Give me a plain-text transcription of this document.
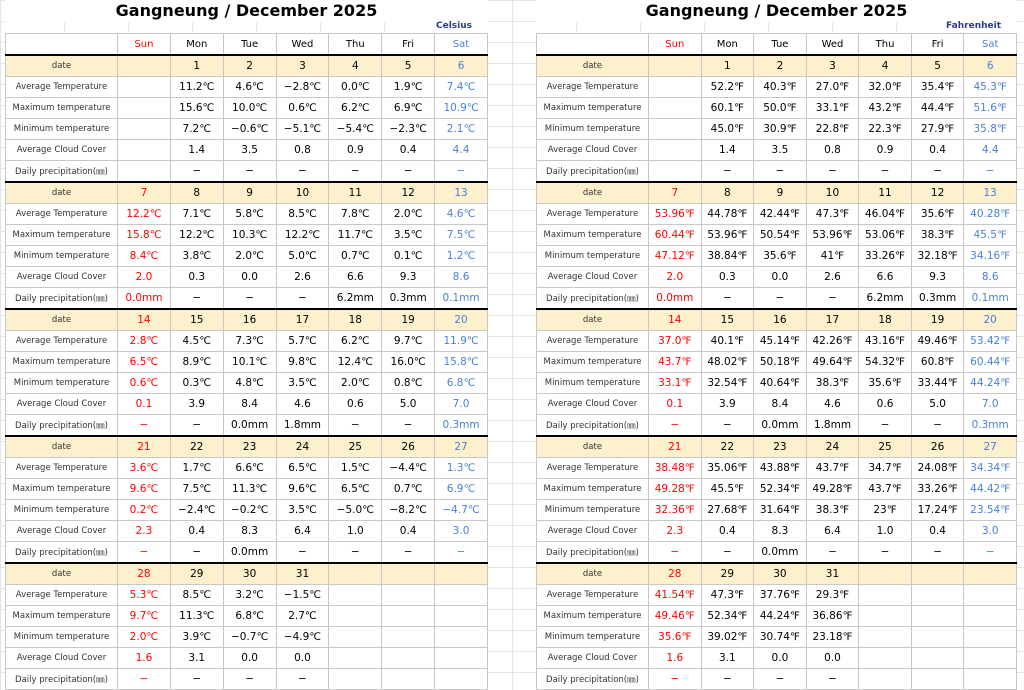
Gangneung / December 2025
Celsius
	Sun	Mon	Tue	Wed	Thu	Fri	Sat
date		1	2	3	4	5	6
Average Temperature		11.2℃	4.6℃	−2.8℃	0.0℃	1.9℃	7.4℃
Maximum temperature		15.6℃	10.0℃	0.6℃	6.2℃	6.9℃	10.9℃
Minimum temperature		7.2℃	−0.6℃	−5.1℃	−5.4℃	−2.3℃	2.1℃
Average Cloud Cover		1.4	3.5	0.8	0.9	0.4	4.4
Daily precipitation(㎜)		−	−	−	−	−	−
date	7	8	9	10	11	12	13
Average Temperature	12.2℃	7.1℃	5.8℃	8.5℃	7.8℃	2.0℃	4.6℃
Maximum temperature	15.8℃	12.2℃	10.3℃	12.2℃	11.7℃	3.5℃	7.5℃
Minimum temperature	8.4℃	3.8℃	2.0℃	5.0℃	0.7℃	0.1℃	1.2℃
Average Cloud Cover	2.0	0.3	0.0	2.6	6.6	9.3	8.6
Daily precipitation(㎜)	0.0mm	−	−	−	6.2mm	0.3mm	0.1mm
date	14	15	16	17	18	19	20
Average Temperature	2.8℃	4.5℃	7.3℃	5.7℃	6.2℃	9.7℃	11.9℃
Maximum temperature	6.5℃	8.9℃	10.1℃	9.8℃	12.4℃	16.0℃	15.8℃
Minimum temperature	0.6℃	0.3℃	4.8℃	3.5℃	2.0℃	0.8℃	6.8℃
Average Cloud Cover	0.1	3.9	8.4	4.6	0.6	5.0	7.0
Daily precipitation(㎜)	−	−	0.0mm	1.8mm	−	−	0.3mm
date	21	22	23	24	25	26	27
Average Temperature	3.6℃	1.7℃	6.6℃	6.5℃	1.5℃	−4.4℃	1.3℃
Maximum temperature	9.6℃	7.5℃	11.3℃	9.6℃	6.5℃	0.7℃	6.9℃
Minimum temperature	0.2℃	−2.4℃	−0.2℃	3.5℃	−5.0℃	−8.2℃	−4.7℃
Average Cloud Cover	2.3	0.4	8.3	6.4	1.0	0.4	3.0
Daily precipitation(㎜)	−	−	0.0mm	−	−	−	−
date	28	29	30	31			
Average Temperature	5.3℃	8.5℃	3.2℃	−1.5℃			
Maximum temperature	9.7℃	11.3℃	6.8℃	2.7℃			
Minimum temperature	2.0℃	3.9℃	−0.7℃	−4.9℃			
Average Cloud Cover	1.6	3.1	0.0	0.0			
Daily precipitation(㎜)	−	−	−	−			
Gangneung / December 2025
Fahrenheit
	Sun	Mon	Tue	Wed	Thu	Fri	Sat
date		1	2	3	4	5	6
Average Temperature		52.2℉	40.3℉	27.0℉	32.0℉	35.4℉	45.3℉
Maximum temperature		60.1℉	50.0℉	33.1℉	43.2℉	44.4℉	51.6℉
Minimum temperature		45.0℉	30.9℉	22.8℉	22.3℉	27.9℉	35.8℉
Average Cloud Cover		1.4	3.5	0.8	0.9	0.4	4.4
Daily precipitation(㎜)		−	−	−	−	−	−
date	7	8	9	10	11	12	13
Average Temperature	53.96℉	44.78℉	42.44℉	47.3℉	46.04℉	35.6℉	40.28℉
Maximum temperature	60.44℉	53.96℉	50.54℉	53.96℉	53.06℉	38.3℉	45.5℉
Minimum temperature	47.12℉	38.84℉	35.6℉	41℉	33.26℉	32.18℉	34.16℉
Average Cloud Cover	2.0	0.3	0.0	2.6	6.6	9.3	8.6
Daily precipitation(㎜)	0.0mm	−	−	−	6.2mm	0.3mm	0.1mm
date	14	15	16	17	18	19	20
Average Temperature	37.0℉	40.1℉	45.14℉	42.26℉	43.16℉	49.46℉	53.42℉
Maximum temperature	43.7℉	48.02℉	50.18℉	49.64℉	54.32℉	60.8℉	60.44℉
Minimum temperature	33.1℉	32.54℉	40.64℉	38.3℉	35.6℉	33.44℉	44.24℉
Average Cloud Cover	0.1	3.9	8.4	4.6	0.6	5.0	7.0
Daily precipitation(㎜)	−	−	0.0mm	1.8mm	−	−	0.3mm
date	21	22	23	24	25	26	27
Average Temperature	38.48℉	35.06℉	43.88℉	43.7℉	34.7℉	24.08℉	34.34℉
Maximum temperature	49.28℉	45.5℉	52.34℉	49.28℉	43.7℉	33.26℉	44.42℉
Minimum temperature	32.36℉	27.68℉	31.64℉	38.3℉	23℉	17.24℉	23.54℉
Average Cloud Cover	2.3	0.4	8.3	6.4	1.0	0.4	3.0
Daily precipitation(㎜)	−	−	0.0mm	−	−	−	−
date	28	29	30	31			
Average Temperature	41.54℉	47.3℉	37.76℉	29.3℉			
Maximum temperature	49.46℉	52.34℉	44.24℉	36.86℉			
Minimum temperature	35.6℉	39.02℉	30.74℉	23.18℉			
Average Cloud Cover	1.6	3.1	0.0	0.0			
Daily precipitation(㎜)	−	−	−	−			
